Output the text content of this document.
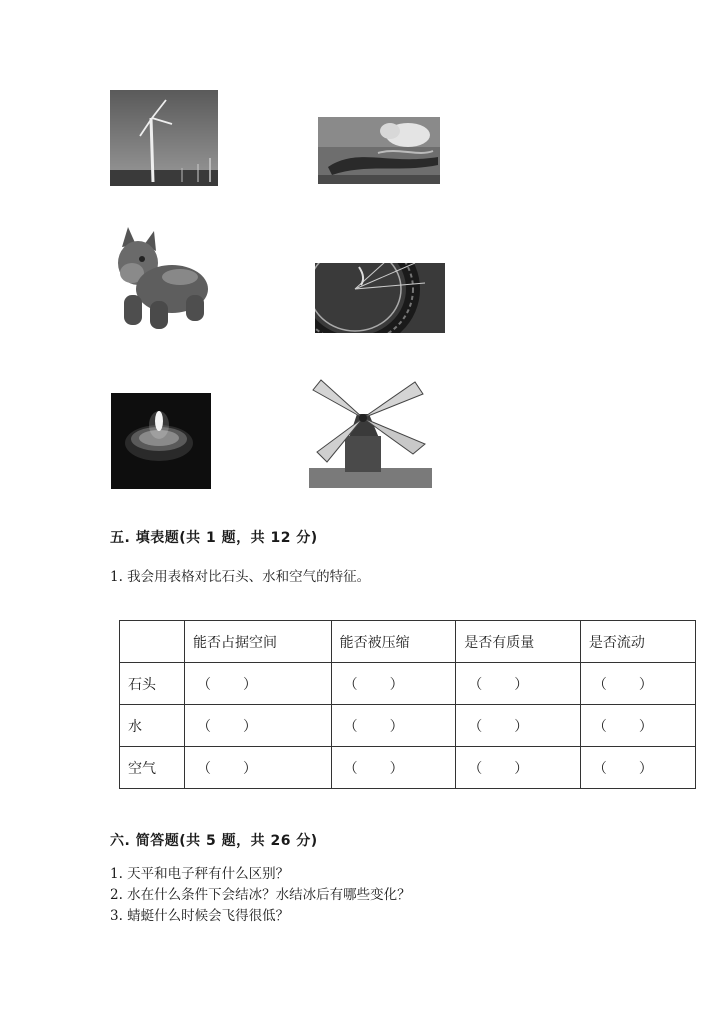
五. 填表题(共 1 题，共 12 分)
1. 我会用表格对比石头、水和空气的特征。
	能否占据空间	能否被压缩	是否有质量	是否流动
石头	（ ）	（ ）	（ ）	（ ）

水	（ ）	（ ）	（ ）	（ ）

空气	（ ）	（ ）	（ ）	（ ）
六. 简答题(共 5 题，共 26 分)
1. 天平和电子秤有什么区别？
2. 水在什么条件下会结冰？水结冰后有哪些变化？
3. 蜻蜓什么时候会飞得很低？
